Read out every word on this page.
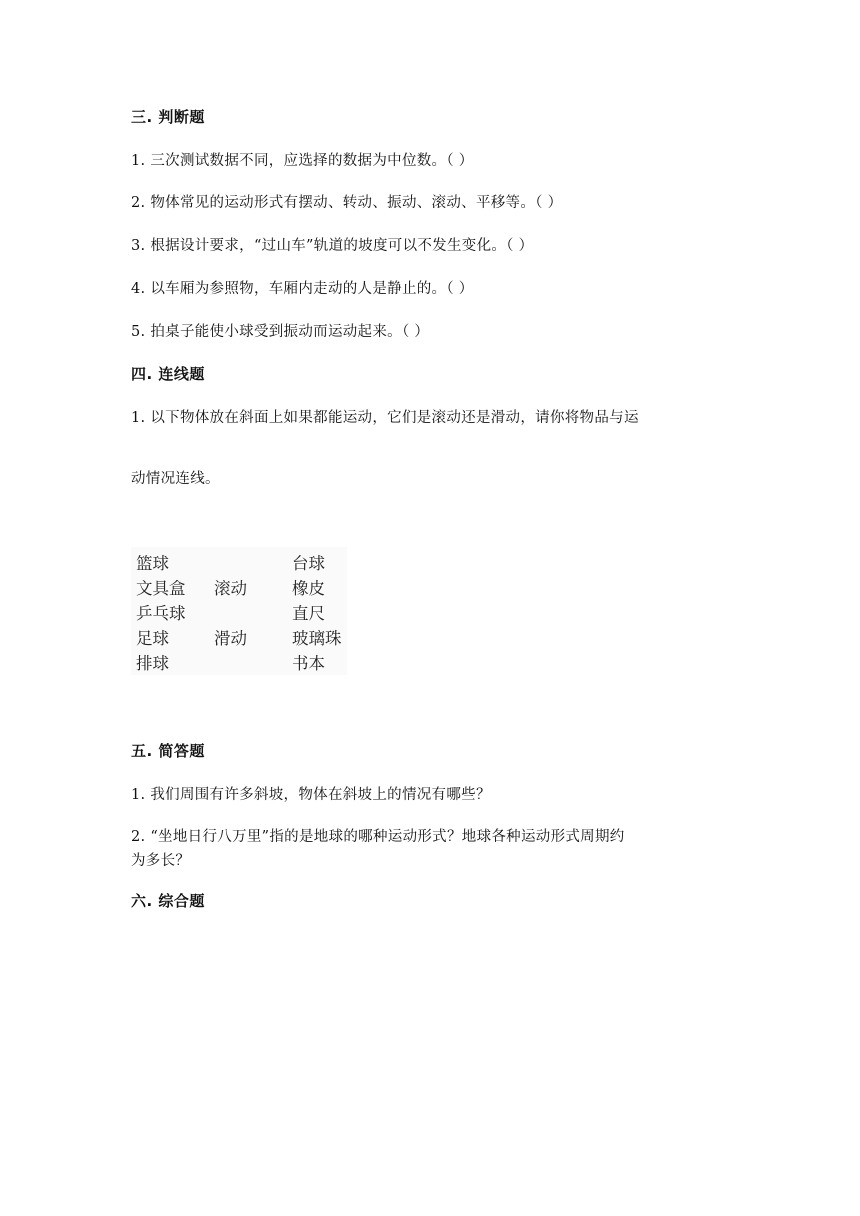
三. 判断题
1. 三次测试数据不同，应选择的数据为中位数。（ ）
2. 物体常见的运动形式有摆动、转动、振动、滚动、平移等。（ ）
3. 根据设计要求，“过山车”轨道的坡度可以不发生变化。（ ）
4. 以车厢为参照物，车厢内走动的人是静止的。（ ）
5. 拍桌子能使小球受到振动而运动起来。（ ）
四. 连线题
1. 以下物体放在斜面上如果都能运动，它们是滚动还是滑动，请你将物品与运
动情况连线。
篮球
文具盒
乒乓球
足球
排球
滚动
滑动
台球
橡皮
直尺
玻璃珠
书本
五. 简答题
1. 我们周围有许多斜坡，物体在斜坡上的情况有哪些？
2. “坐地日行八万里”指的是地球的哪种运动形式？地球各种运动形式周期约
为多长？
六. 综合题
